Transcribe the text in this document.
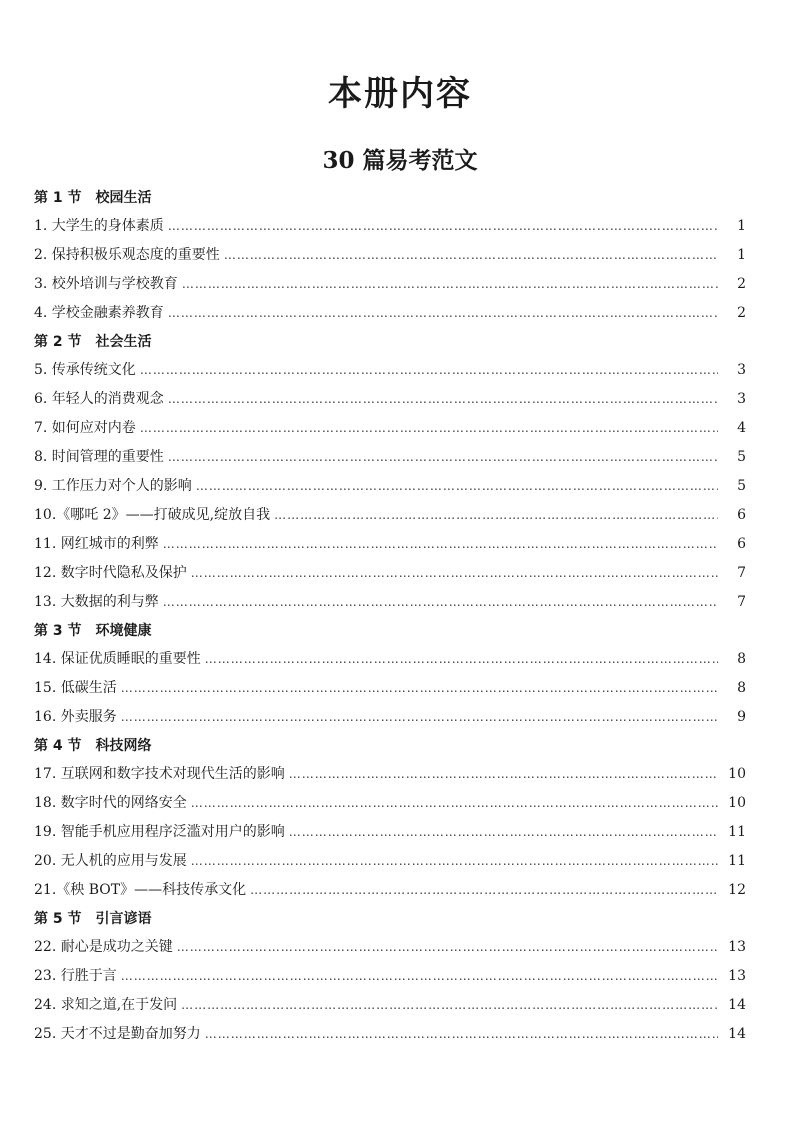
本册内容
30 篇易考范文
第 1 节 校园生活
1. 大学生的身体素质 ……………………………………………………………………………………………………………………………………………………………………………………	1
2. 保持积极乐观态度的重要性 ……………………………………………………………………………………………………………………………………………………………………………………	1
3. 校外培训与学校教育 ……………………………………………………………………………………………………………………………………………………………………………………	2
4. 学校金融素养教育 ……………………………………………………………………………………………………………………………………………………………………………………	2
第 2 节 社会生活
5. 传承传统文化 ……………………………………………………………………………………………………………………………………………………………………………………	3
6. 年轻人的消费观念 ……………………………………………………………………………………………………………………………………………………………………………………	3
7. 如何应对内卷 ……………………………………………………………………………………………………………………………………………………………………………………	4
8. 时间管理的重要性 ……………………………………………………………………………………………………………………………………………………………………………………	5
9. 工作压力对个人的影响 ……………………………………………………………………………………………………………………………………………………………………………………	5
10.《哪吒 2》——打破成见,绽放自我 ……………………………………………………………………………………………………………………………………………………………………………………	6
11. 网红城市的利弊 ……………………………………………………………………………………………………………………………………………………………………………………	6
12. 数字时代隐私及保护 ……………………………………………………………………………………………………………………………………………………………………………………	7
13. 大数据的利与弊 ……………………………………………………………………………………………………………………………………………………………………………………	7
第 3 节 环境健康
14. 保证优质睡眠的重要性 ……………………………………………………………………………………………………………………………………………………………………………………	8
15. 低碳生活 ……………………………………………………………………………………………………………………………………………………………………………………	8
16. 外卖服务 ……………………………………………………………………………………………………………………………………………………………………………………	9
第 4 节 科技网络
17. 互联网和数字技术对现代生活的影响 ……………………………………………………………………………………………………………………………………………………………………………………	10
18. 数字时代的网络安全 ……………………………………………………………………………………………………………………………………………………………………………………	10
19. 智能手机应用程序泛滥对用户的影响 ……………………………………………………………………………………………………………………………………………………………………………………	11
20. 无人机的应用与发展 ……………………………………………………………………………………………………………………………………………………………………………………	11
21.《秧 BOT》——科技传承文化 ……………………………………………………………………………………………………………………………………………………………………………………	12
第 5 节 引言谚语
22. 耐心是成功之关键 ……………………………………………………………………………………………………………………………………………………………………………………	13
23. 行胜于言 ……………………………………………………………………………………………………………………………………………………………………………………	13
24. 求知之道,在于发问 ……………………………………………………………………………………………………………………………………………………………………………………	14
25. 天才不过是勤奋加努力 ……………………………………………………………………………………………………………………………………………………………………………………	14
